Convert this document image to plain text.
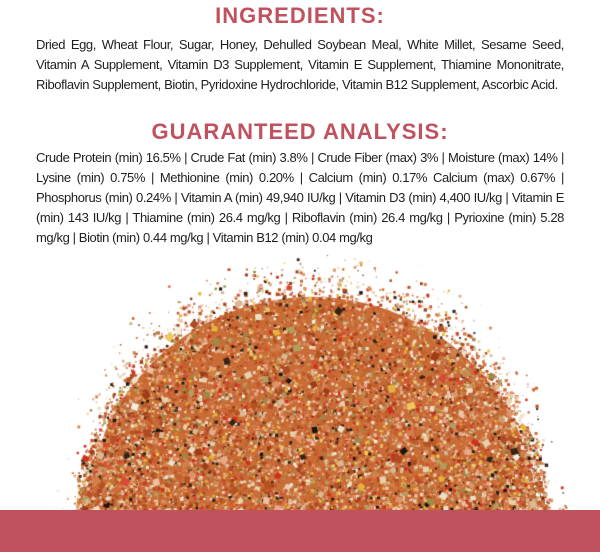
INGREDIENTS:

Dried Egg, Wheat Flour, Sugar, Honey, Dehulled Soybean Meal, White Millet, Sesame Seed, Vitamin A Supplement, Vitamin D3 Supplement, Vitamin E Supplement, Thiamine Mononitrate, Riboflavin Supplement, Biotin, Pyridoxine Hydrochloride, Vitamin B12 Supplement, Ascorbic Acid.

GUARANTEED ANALYSIS:

Crude Protein (min) 16.5% | Crude Fat (min) 3.8% | Crude Fiber (max) 3% | Moisture (max) 14% | Lysine (min) 0.75% | Methionine (min) 0.20% | Calcium (min) 0.17% Calcium (max) 0.67% | Phosphorus (min) 0.24% | Vitamin A (min) 49,940 IU/kg | Vitamin D3 (min) 4,400 IU/kg | Vitamin E (min) 143 IU/kg | Thiamine (min) 26.4 mg/kg | Riboflavin (min) 26.4 mg/kg | Pyrioxine (min) 5.28 mg/kg | Biotin (min) 0.44 mg/kg | Vitamin B12 (min) 0.04 mg/kg
